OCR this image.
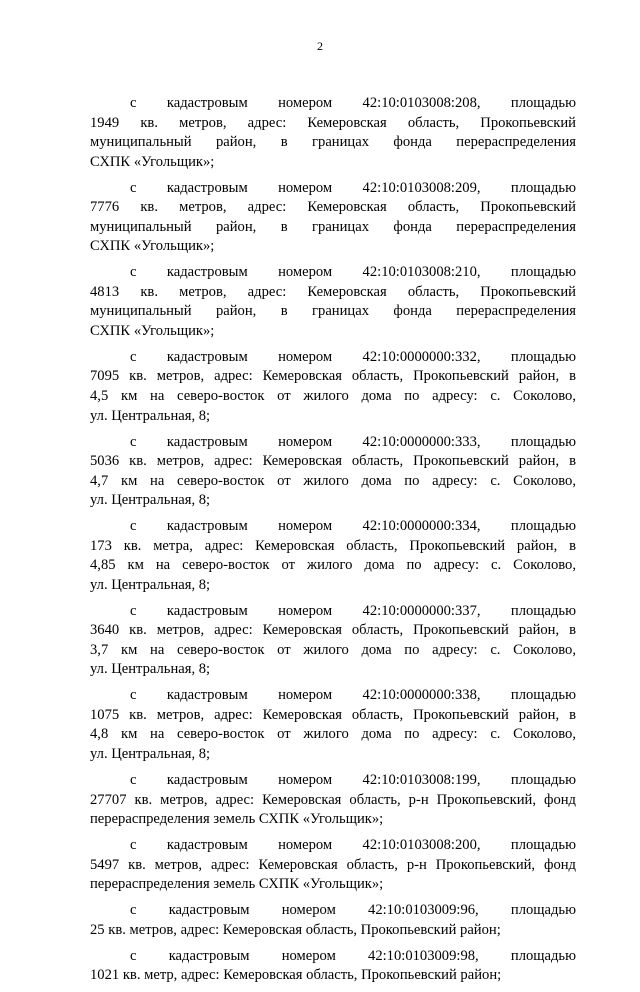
2
с кадастровым номером 42:10:0103008:208, площадью
1949 кв. метров, адрес: Кемеровская область, Прокопьевский
муниципальный район, в границах фонда перераспределения
СХПК «Угольщик»;
с кадастровым номером 42:10:0103008:209, площадью
7776 кв. метров, адрес: Кемеровская область, Прокопьевский
муниципальный район, в границах фонда перераспределения
СХПК «Угольщик»;
с кадастровым номером 42:10:0103008:210, площадью
4813 кв. метров, адрес: Кемеровская область, Прокопьевский
муниципальный район, в границах фонда перераспределения
СХПК «Угольщик»;
с кадастровым номером 42:10:0000000:332, площадью
7095 кв. метров, адрес: Кемеровская область, Прокопьевский район, в
4,5 км на северо-восток от жилого дома по адресу: с. Соколово,
ул. Центральная, 8;
с кадастровым номером 42:10:0000000:333, площадью
5036 кв. метров, адрес: Кемеровская область, Прокопьевский район, в
4,7 км на северо-восток от жилого дома по адресу: с. Соколово,
ул. Центральная, 8;
с кадастровым номером 42:10:0000000:334, площадью
173 кв. метра, адрес: Кемеровская область, Прокопьевский район, в
4,85 км на северо-восток от жилого дома по адресу: с. Соколово,
ул. Центральная, 8;
с кадастровым номером 42:10:0000000:337, площадью
3640 кв. метров, адрес: Кемеровская область, Прокопьевский район, в
3,7 км на северо-восток от жилого дома по адресу: с. Соколово,
ул. Центральная, 8;
с кадастровым номером 42:10:0000000:338, площадью
1075 кв. метров, адрес: Кемеровская область, Прокопьевский район, в
4,8 км на северо-восток от жилого дома по адресу: с. Соколово,
ул. Центральная, 8;
с кадастровым номером 42:10:0103008:199, площадью
27707 кв. метров, адрес: Кемеровская область, р-н Прокопьевский, фонд
перераспределения земель СХПК «Угольщик»;
с кадастровым номером 42:10:0103008:200, площадью
5497 кв. метров, адрес: Кемеровская область, р-н Прокопьевский, фонд
перераспределения земель СХПК «Угольщик»;
с кадастровым номером 42:10:0103009:96, площадью
25 кв. метров, адрес: Кемеровская область, Прокопьевский район;
с кадастровым номером 42:10:0103009:98, площадью
1021 кв. метр, адрес: Кемеровская область, Прокопьевский район;
